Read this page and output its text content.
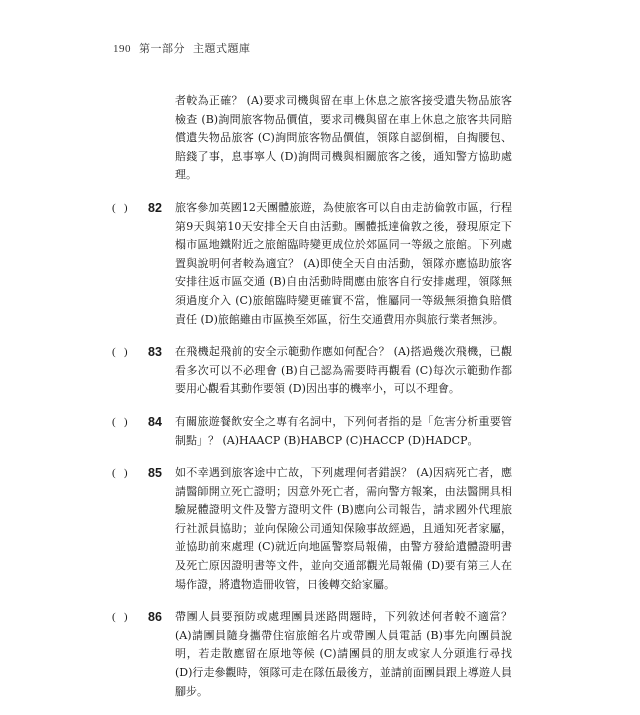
190 第一部分 主題式題庫
者較為正確？ (A)要求司機與留在車上休息之旅客接受遺失物品旅客檢查 (B)詢問旅客物品價值，要求司機與留在車上休息之旅客共同賠償遺失物品旅客 (C)詢問旅客物品價值，領隊自認倒楣，自掏腰包、賠錢了事，息事寧人 (D)詢問司機與相關旅客之後，通知警方協助處理。
(   )	82	旅客參加英國12天團體旅遊，為使旅客可以自由走訪倫敦市區，行程第9天與第10天安排全天自由活動。團體抵達倫敦之後，發現原定下榻市區地鐵附近之旅館臨時變更成位於郊區同一等級之旅館。下列處置與說明何者較為適宜？ (A)即使全天自由活動，領隊亦應協助旅客安排往返市區交通 (B)自由活動時間應由旅客自行安排處理，領隊無須過度介入 (C)旅館臨時變更確實不當，惟屬同一等級無須擔負賠償責任 (D)旅館雖由市區換至郊區，衍生交通費用亦與旅行業者無涉。
(   )	83	在飛機起飛前的安全示範動作應如何配合？ (A)搭過幾次飛機，已觀看多次可以不必理會 (B)自己認為需要時再觀看 (C)每次示範動作都要用心觀看其動作要領 (D)因出事的機率小，可以不理會。
(   )	84	有關旅遊餐飲安全之專有名詞中，下列何者指的是「危害分析重要管制點」？ (A)HAACP (B)HABCP (C)HACCP (D)HADCP。
(   )	85	如不幸遇到旅客途中亡故，下列處理何者錯誤？ (A)因病死亡者，應請醫師開立死亡證明；因意外死亡者，需向警方報案，由法醫開具相驗屍體證明文件及警方證明文件 (B)應向公司報告，請求國外代理旅行社派員協助；並向保險公司通知保險事故經過，且通知死者家屬，並協助前來處理 (C)就近向地區警察局報備，由警方發給遺體證明書及死亡原因證明書等文件，並向交通部觀光局報備 (D)要有第三人在場作證，將遺物造冊收管，日後轉交給家屬。
(   )	86	帶團人員要預防或處理團員迷路問題時，下列敘述何者較不適當？ (A)請團員隨身攜帶住宿旅館名片或帶團人員電話 (B)事先向團員說明，若走散應留在原地等候 (C)請團員的朋友或家人分頭進行尋找 (D)行走參觀時，領隊可走在隊伍最後方，並請前面團員跟上導遊人員腳步。
